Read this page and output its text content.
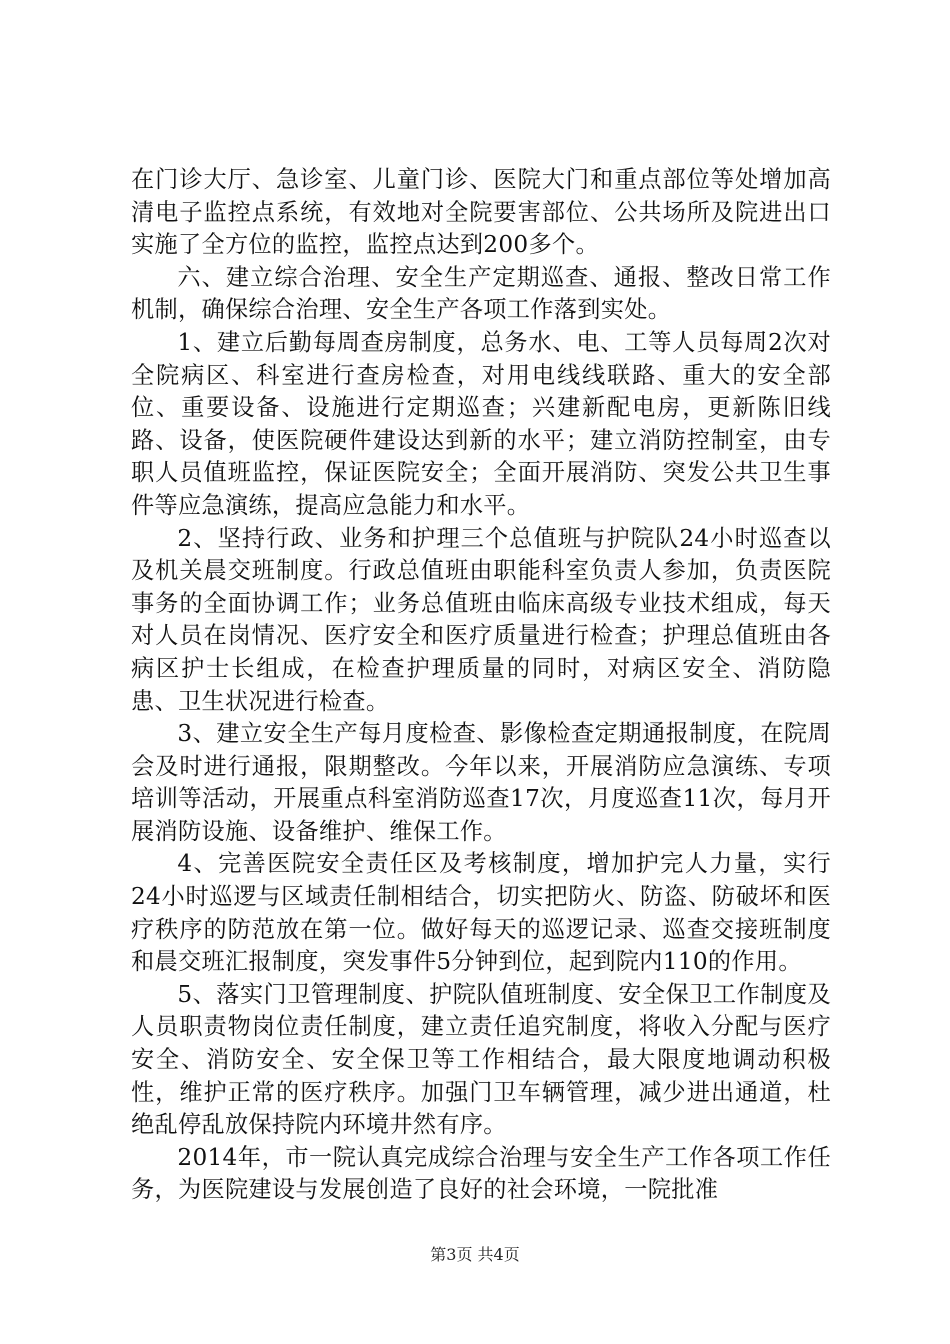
在门诊大厅、急诊室、儿童门诊、医院大门和重点部位等处增加高清电子监控点系统，有效地对全院要害部位、公共场所及院进出口实施了全方位的监控，监控点达到200多个。

六、建立综合治理、安全生产定期巡查、通报、整改日常工作机制，确保综合治理、安全生产各项工作落到实处。

1、建立后勤每周查房制度，总务水、电、工等人员每周2次对全院病区、科室进行查房检查，对用电线线联路、重大的安全部位、重要设备、设施进行定期巡查；兴建新配电房，更新陈旧线路、设备，使医院硬件建设达到新的水平；建立消防控制室，由专职人员值班监控，保证医院安全；全面开展消防、突发公共卫生事件等应急演练，提高应急能力和水平。

2、坚持行政、业务和护理三个总值班与护院队24小时巡查以及机关晨交班制度。行政总值班由职能科室负责人参加，负责医院事务的全面协调工作；业务总值班由临床高级专业技术组成，每天对人员在岗情况、医疗安全和医疗质量进行检查；护理总值班由各病区护士长组成，在检查护理质量的同时，对病区安全、消防隐患、卫生状况进行检查。

3、建立安全生产每月度检查、影像检查定期通报制度，在院周会及时进行通报，限期整改。今年以来，开展消防应急演练、专项培训等活动，开展重点科室消防巡查17次，月度巡查11次，每月开展消防设施、设备维护、维保工作。

4、完善医院安全责任区及考核制度，增加护完人力量，实行24小时巡逻与区域责任制相结合，切实把防火、防盗、防破坏和医疗秩序的防范放在第一位。做好每天的巡逻记录、巡查交接班制度和晨交班汇报制度，突发事件5分钟到位，起到院内110的作用。

5、落实门卫管理制度、护院队值班制度、安全保卫工作制度及人员职责物岗位责任制度，建立责任追究制度，将收入分配与医疗安全、消防安全、安全保卫等工作相结合，最大限度地调动积极性，维护正常的医疗秩序。加强门卫车辆管理，减少进出通道，杜绝乱停乱放保持院内环境井然有序。

2014年，市一院认真完成综合治理与安全生产工作各项工作任务，为医院建设与发展创造了良好的社会环境，一院批准

第3页 共4页
